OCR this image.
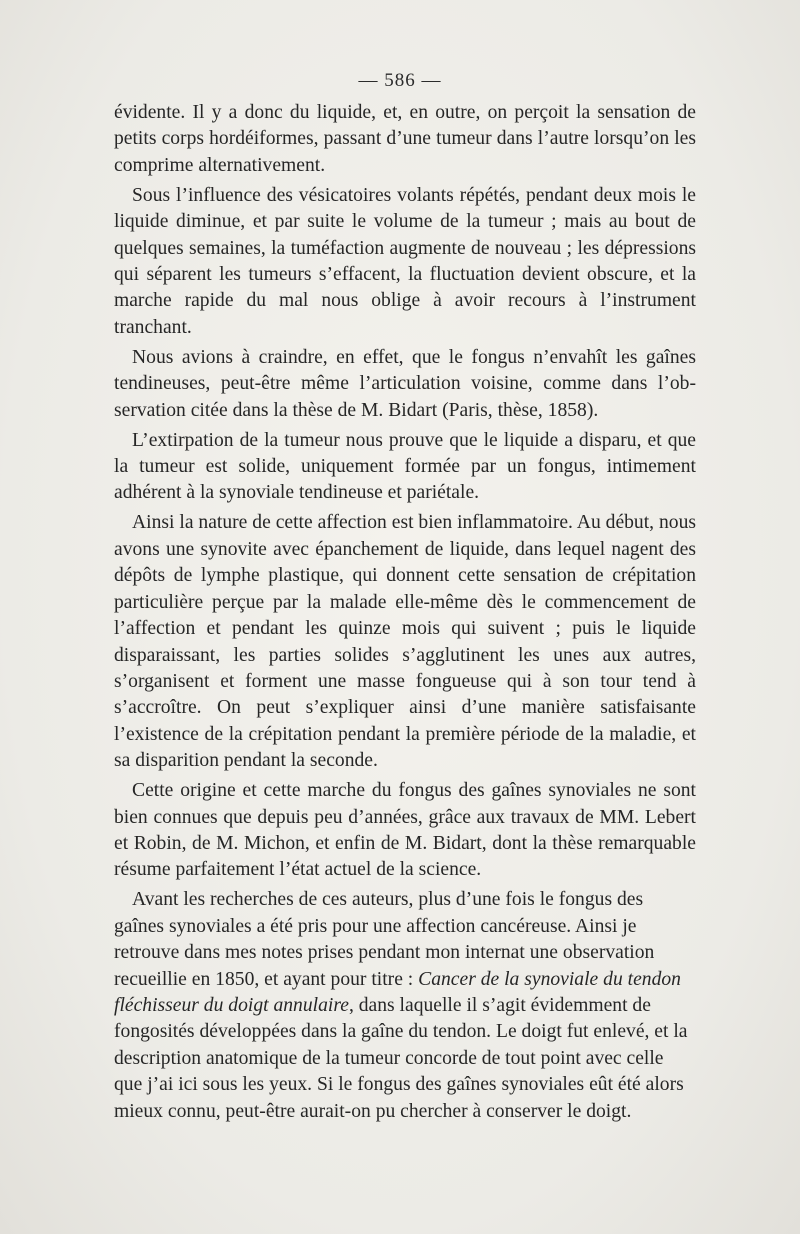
— 586 —

évidente. Il y a donc du liquide, et, en outre, on perçoit la sensation de petits corps hordéiformes, passant d’une tumeur dans l’autre lorsqu’on les comprime alternativement.

Sous l’influence des vésicatoires volants répétés, pendant deux mois le liquide diminue, et par suite le volume de la tumeur ; mais au bout de quelques semaines, la tuméfaction augmente de nouveau ; les dépressions qui séparent les tumeurs s’effacent, la fluctuation devient obscure, et la marche rapide du mal nous oblige à avoir recours à l’instrument tranchant.

Nous avions à craindre, en effet, que le fongus n’envahît les gaînes tendineuses, peut-être même l’articulation voisine, comme dans l’observation citée dans la thèse de M. Bidart (Paris, thèse, 1858).

L’extirpation de la tumeur nous prouve que le liquide a disparu, et que la tumeur est solide, uniquement formée par un fongus, intimement adhérent à la synoviale tendineuse et pariétale.

Ainsi la nature de cette affection est bien inflammatoire. Au début, nous avons une synovite avec épanchement de liquide, dans lequel nagent des dépôts de lymphe plastique, qui donnent cette sensation de crépitation particulière perçue par la malade elle-même dès le commencement de l’affection et pendant les quinze mois qui suivent ; puis le liquide disparaissant, les parties solides s’agglutinent les unes aux autres, s’organisent et forment une masse fongueuse qui à son tour tend à s’accroître. On peut s’expliquer ainsi d’une manière satisfaisante l’existence de la crépitation pendant la première période de la maladie, et sa disparition pendant la seconde.

Cette origine et cette marche du fongus des gaînes synoviales ne sont bien connues que depuis peu d’années, grâce aux travaux de MM. Lebert et Robin, de M. Michon, et enfin de M. Bidart, dont la thèse remarquable résume parfaitement l’état actuel de la science.

Avant les recherches de ces auteurs, plus d’une fois le fongus des gaînes synoviales a été pris pour une affection cancéreuse. Ainsi je retrouve dans mes notes prises pendant mon internat une observation recueillie en 1850, et ayant pour titre : Cancer de la synoviale du tendon fléchisseur du doigt annulaire, dans laquelle il s’agit évidemment de fongosités développées dans la gaîne du tendon. Le doigt fut enlevé, et la description anatomique de la tumeur concorde de tout point avec celle que j’ai ici sous les yeux. Si le fongus des gaînes synoviales eût été alors mieux connu, peut-être aurait-on pu chercher à conserver le doigt.
